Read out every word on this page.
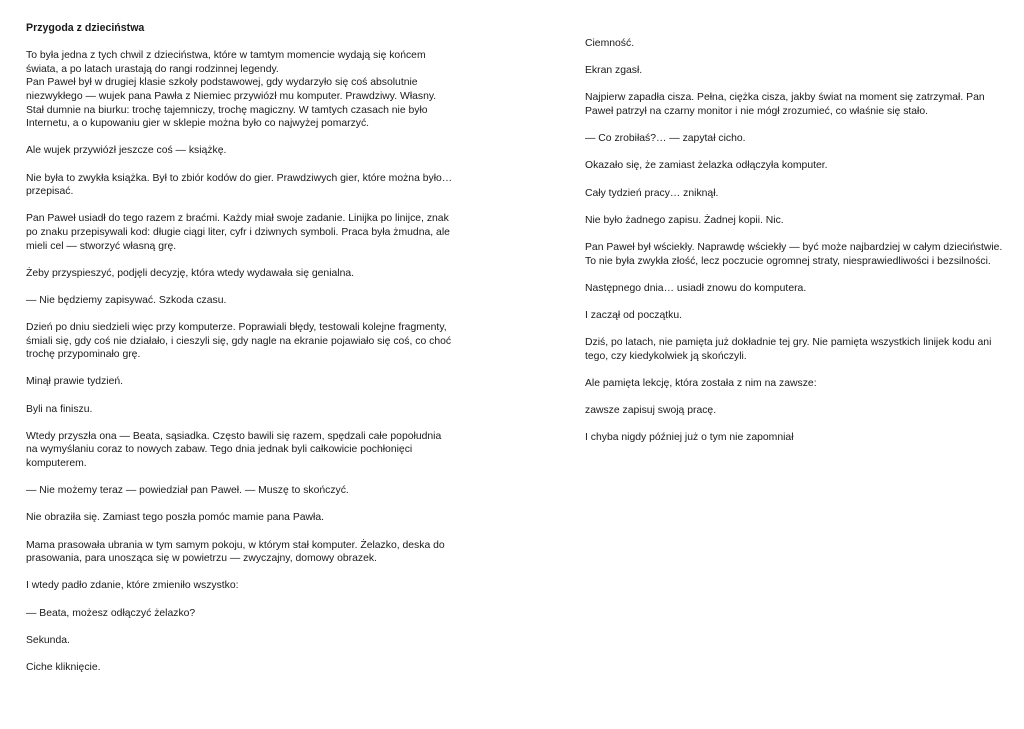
Przygoda z dzieciństwa
To była jedna z tych chwil z dzieciństwa, które w tamtym momencie wydają się końcem
świata, a po latach urastają do rangi rodzinnej legendy.
Pan Paweł był w drugiej klasie szkoły podstawowej, gdy wydarzyło się coś absolutnie
niezwykłego — wujek pana Pawła z Niemiec przywiózł mu komputer. Prawdziwy. Własny.
Stał dumnie na biurku: trochę tajemniczy, trochę magiczny. W tamtych czasach nie było
Internetu, a o kupowaniu gier w sklepie można było co najwyżej pomarzyć.
Ale wujek przywiózł jeszcze coś — książkę.
Nie była to zwykła książka. Był to zbiór kodów do gier. Prawdziwych gier, które można było…
przepisać.
Pan Paweł usiadł do tego razem z braćmi. Każdy miał swoje zadanie. Linijka po linijce, znak
po znaku przepisywali kod: długie ciągi liter, cyfr i dziwnych symboli. Praca była żmudna, ale
mieli cel — stworzyć własną grę.
Żeby przyspieszyć, podjęli decyzję, która wtedy wydawała się genialna.
— Nie będziemy zapisywać. Szkoda czasu.
Dzień po dniu siedzieli więc przy komputerze. Poprawiali błędy, testowali kolejne fragmenty,
śmiali się, gdy coś nie działało, i cieszyli się, gdy nagle na ekranie pojawiało się coś, co choć
trochę przypominało grę.
Minął prawie tydzień.
Byli na finiszu.
Wtedy przyszła ona — Beata, sąsiadka. Często bawili się razem, spędzali całe popołudnia
na wymyślaniu coraz to nowych zabaw. Tego dnia jednak byli całkowicie pochłonięci
komputerem.
— Nie możemy teraz — powiedział pan Paweł. — Muszę to skończyć.
Nie obraziła się. Zamiast tego poszła pomóc mamie pana Pawła.
Mama prasowała ubrania w tym samym pokoju, w którym stał komputer. Żelazko, deska do
prasowania, para unosząca się w powietrzu — zwyczajny, domowy obrazek.
I wtedy padło zdanie, które zmieniło wszystko:
— Beata, możesz odłączyć żelazko?
Sekunda.
Ciche kliknięcie.
Ciemność.
Ekran zgasł.
Najpierw zapadła cisza. Pełna, ciężka cisza, jakby świat na moment się zatrzymał. Pan
Paweł patrzył na czarny monitor i nie mógł zrozumieć, co właśnie się stało.
— Co zrobiłaś?… — zapytał cicho.
Okazało się, że zamiast żelazka odłączyła komputer.
Cały tydzień pracy… zniknął.
Nie było żadnego zapisu. Żadnej kopii. Nic.
Pan Paweł był wściekły. Naprawdę wściekły — być może najbardziej w całym dzieciństwie.
To nie była zwykła złość, lecz poczucie ogromnej straty, niesprawiedliwości i bezsilności.
Następnego dnia… usiadł znowu do komputera.
I zaczął od początku.
Dziś, po latach, nie pamięta już dokładnie tej gry. Nie pamięta wszystkich linijek kodu ani
tego, czy kiedykolwiek ją skończyli.
Ale pamięta lekcję, która została z nim na zawsze:
zawsze zapisuj swoją pracę.
I chyba nigdy później już o tym nie zapomniał
